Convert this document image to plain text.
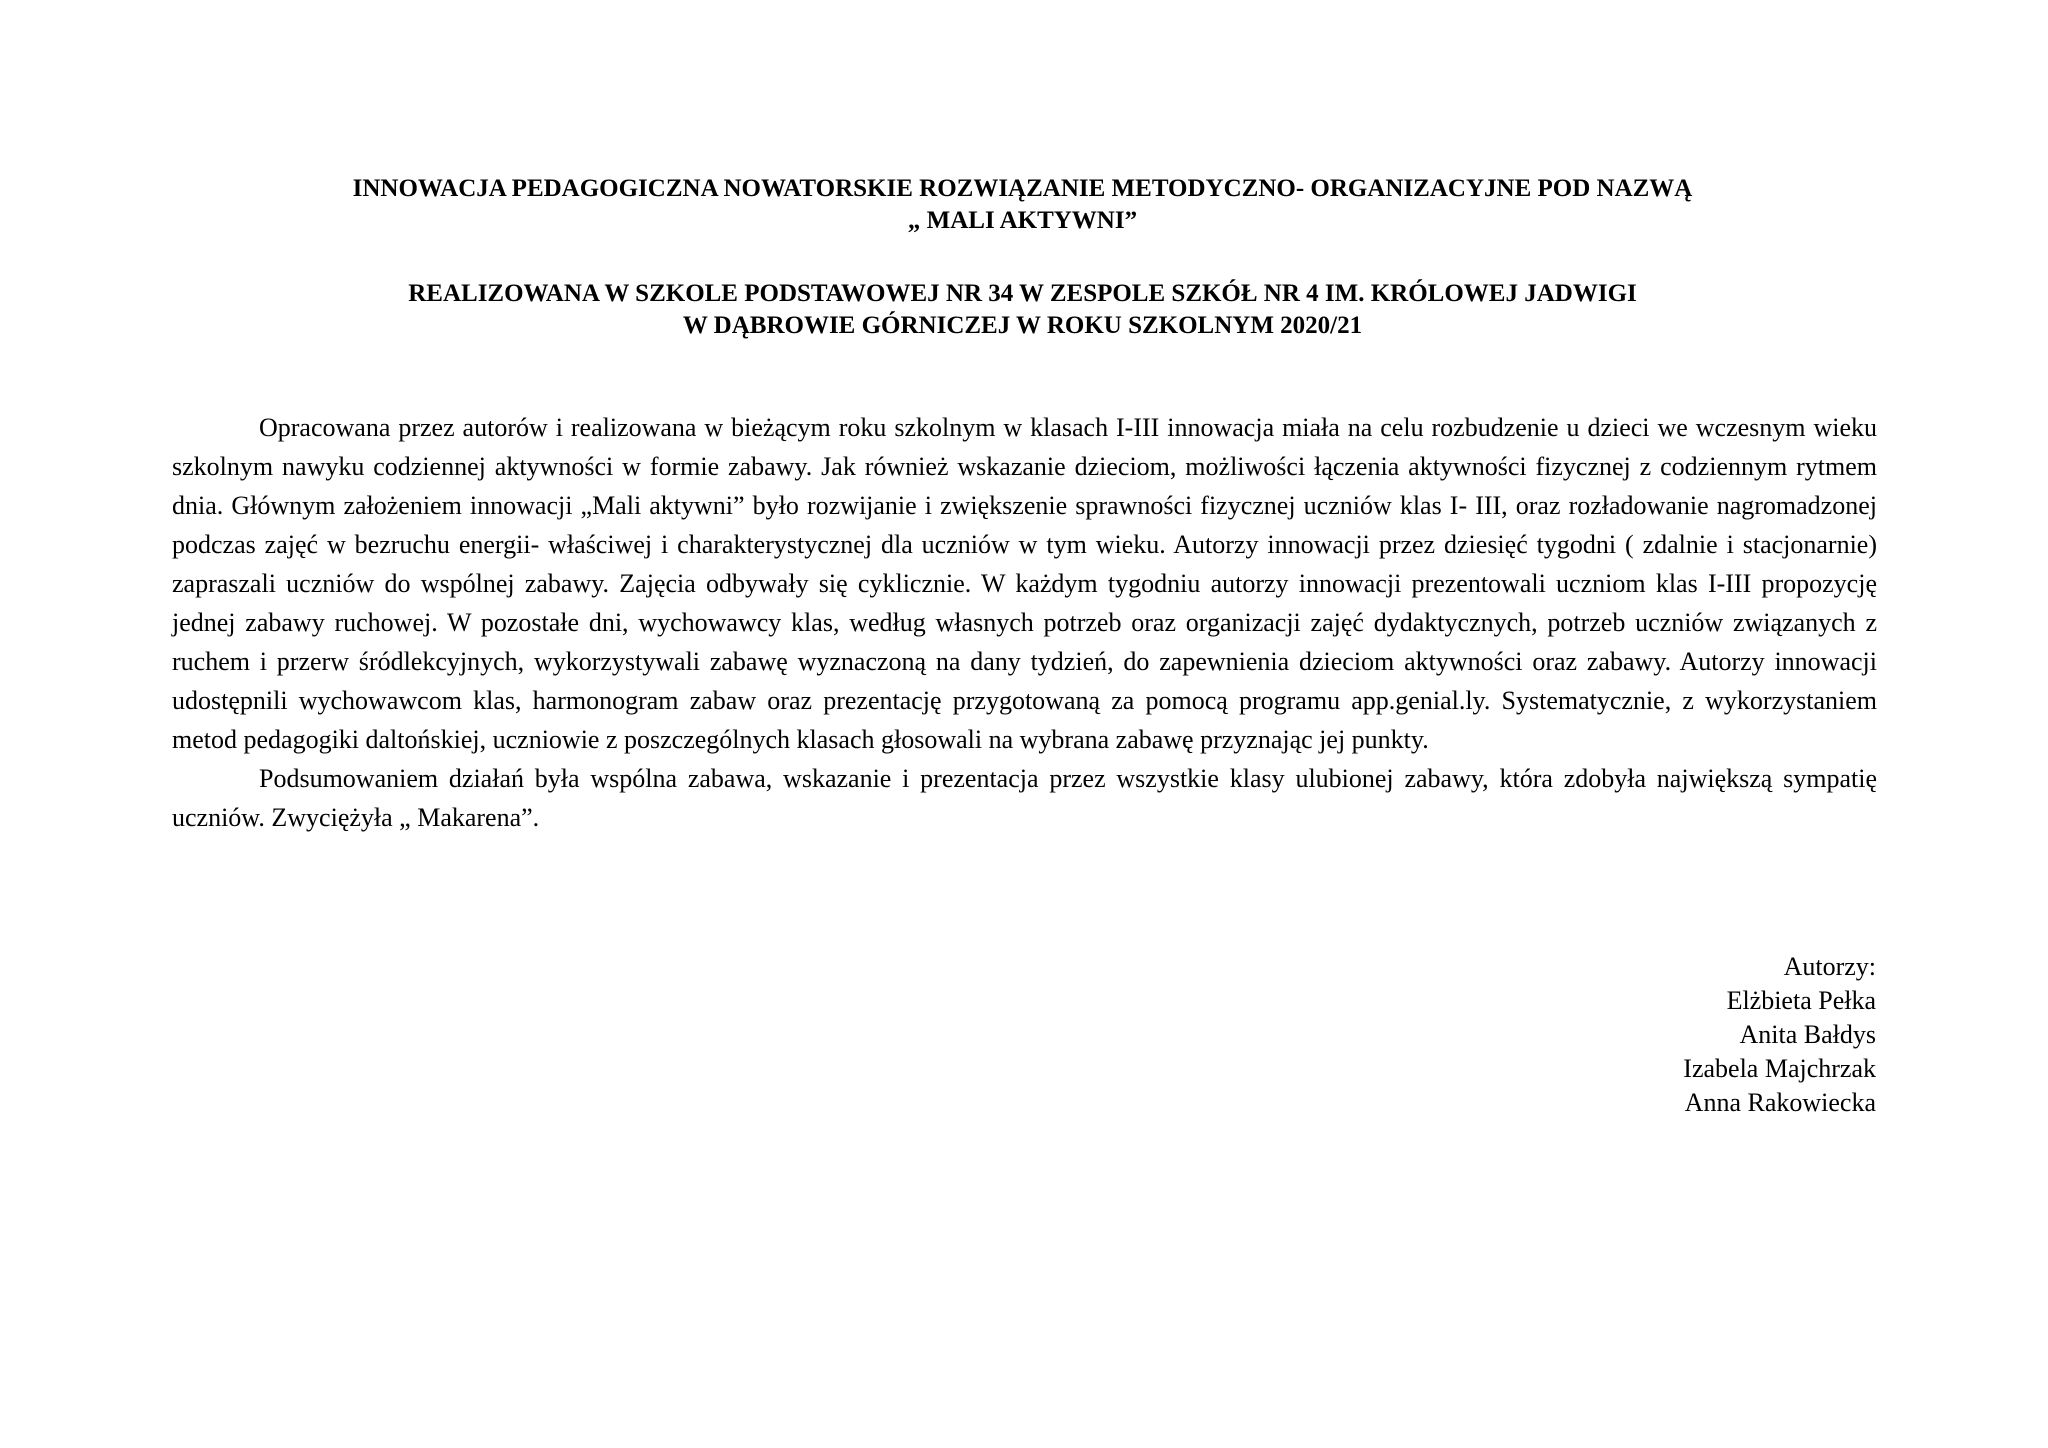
INNOWACJA PEDAGOGICZNA NOWATORSKIE ROZWIĄZANIE METODYCZNO- ORGANIZACYJNE POD NAZWĄ
„ MALI AKTYWNI”
REALIZOWANA W SZKOLE PODSTAWOWEJ NR 34 W ZESPOLE SZKÓŁ NR 4 IM. KRÓLOWEJ JADWIGI
W DĄBROWIE GÓRNICZEJ W ROKU SZKOLNYM 2020/21

Opracowana przez autorów i realizowana w bieżącym roku szkolnym w klasach I-III innowacja miała na celu rozbudzenie u dzieci we wczesnym wieku szkolnym nawyku codziennej aktywności w formie zabawy. Jak również wskazanie dzieciom, możliwości łączenia aktywności fizycznej z codziennym rytmem dnia. Głównym założeniem innowacji „Mali aktywni” było rozwijanie i zwiększenie sprawności fizycznej uczniów klas I- III, oraz rozładowanie nagromadzonej podczas zajęć w bezruchu energii- właściwej i charakterystycznej dla uczniów w tym wieku. Autorzy innowacji przez dziesięć tygodni ( zdalnie i stacjonarnie) zapraszali uczniów do wspólnej zabawy. Zajęcia odbywały się cyklicznie. W każdym tygodniu autorzy innowacji prezentowali uczniom klas I-III propozycję jednej zabawy ruchowej. W pozostałe dni, wychowawcy klas, według własnych potrzeb oraz organizacji zajęć dydaktycznych, potrzeb uczniów związanych z ruchem i przerw śródlekcyjnych, wykorzystywali zabawę wyznaczoną na dany tydzień, do zapewnienia dzieciom aktywności oraz zabawy. Autorzy innowacji udostępnili wychowawcom klas, harmonogram zabaw oraz prezentację przygotowaną za pomocą programu app.genial.ly. Systematycznie, z wykorzystaniem metod pedagogiki daltońskiej, uczniowie z poszczególnych klasach głosowali na wybrana zabawę przyznając jej punkty.

Podsumowaniem działań była wspólna zabawa, wskazanie i prezentacja przez wszystkie klasy ulubionej zabawy, która zdobyła największą sympatię uczniów. Zwyciężyła „ Makarena”.

Autorzy:
Elżbieta Pełka
Anita Bałdys
Izabela Majchrzak
Anna Rakowiecka
